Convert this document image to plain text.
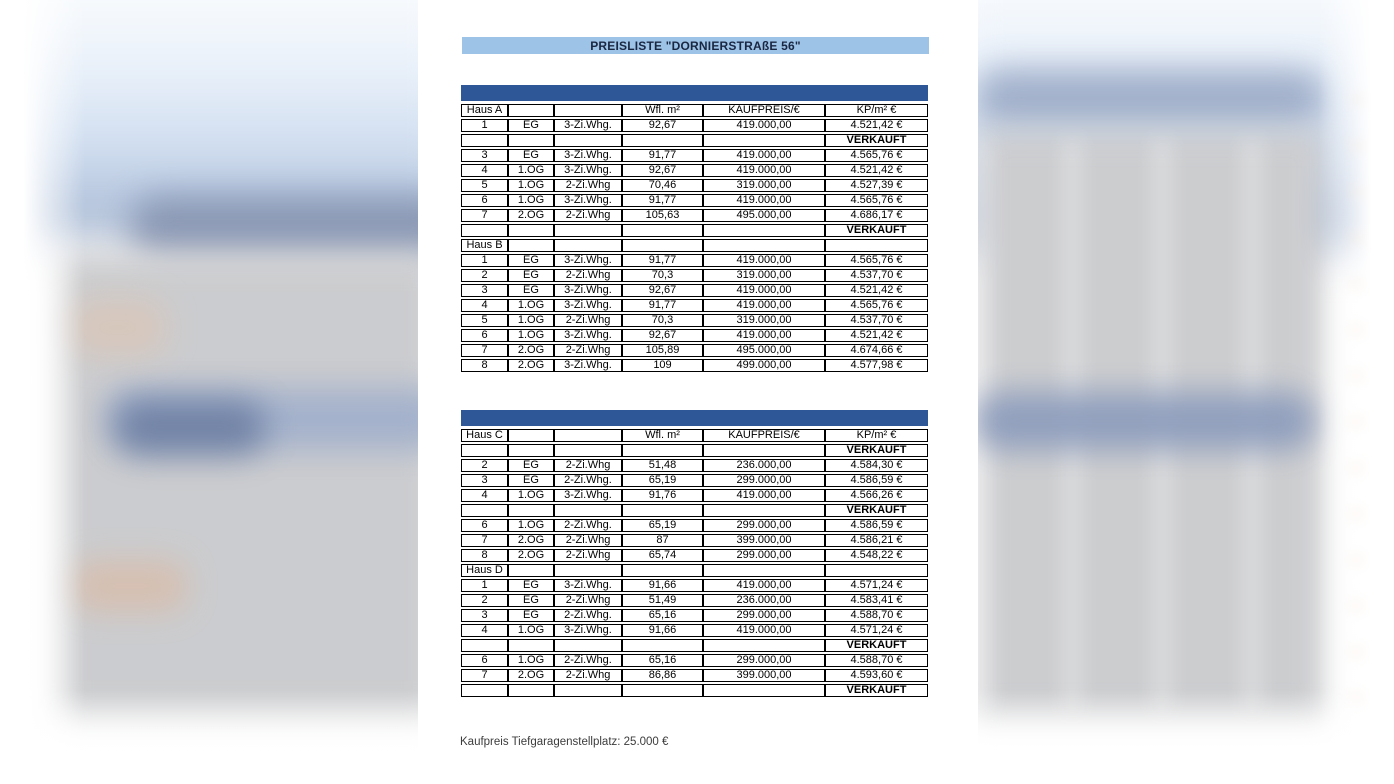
PREISLISTE "DORNIERSTRAßE 56"
Haus A			Wfl. m²	KAUFPREIS/€	KP/m² €
1	EG	3-Zi.Whg.	92,67	419.000,00	4.521,42 €
					VERKAUFT
3	EG	3-Zi.Whg.	91,77	419.000,00	4.565,76 €
4	1.OG	3-Zi.Whg.	92,67	419.000,00	4.521,42 €
5	1.OG	2-Zi.Whg	70,46	319.000,00	4.527,39 €
6	1.OG	3-Zi.Whg.	91,77	419.000,00	4.565,76 €
7	2.OG	2-Zi.Whg	105,63	495.000,00	4.686,17 €
					VERKAUFT
Haus B					
1	EG	3-Zi.Whg.	91,77	419.000,00	4.565,76 €
2	EG	2-Zi.Whg	70,3	319.000,00	4.537,70 €
3	EG	3-Zi.Whg.	92,67	419.000,00	4.521,42 €
4	1.OG	3-Zi.Whg.	91,77	419.000,00	4.565,76 €
5	1.OG	2-Zi.Whg	70,3	319.000,00	4.537,70 €
6	1.OG	3-Zi.Whg.	92,67	419.000,00	4.521,42 €
7	2.OG	2-Zi.Whg	105,89	495.000,00	4.674,66 €
8	2.OG	3-Zi.Whg.	109	499.000,00	4.577,98 €
Haus C			Wfl. m²	KAUFPREIS/€	KP/m² €
					VERKAUFT
2	EG	2-Zi.Whg	51,48	236.000,00	4.584,30 €
3	EG	2-Zi.Whg.	65,19	299.000,00	4.586,59 €
4	1.OG	3-Zi.Whg.	91,76	419.000,00	4.566,26 €
					VERKAUFT
6	1.OG	2-Zi.Whg.	65,19	299.000,00	4.586,59 €
7	2.OG	2-Zi.Whg	87	399.000,00	4.586,21 €
8	2.OG	2-Zi.Whg	65,74	299.000,00	4.548,22 €
Haus D					
1	EG	3-Zi.Whg.	91,66	419.000,00	4.571,24 €
2	EG	2-Zi.Whg	51,49	236.000,00	4.583,41 €
3	EG	2-Zi.Whg.	65,16	299.000,00	4.588,70 €
4	1.OG	3-Zi.Whg.	91,66	419.000,00	4.571,24 €
					VERKAUFT
6	1.OG	2-Zi.Whg.	65,16	299.000,00	4.588,70 €
7	2.OG	2-Zi.Whg	86,86	399.000,00	4.593,60 €
					VERKAUFT
Kaufpreis Tiefgaragenstellplatz: 25.000 €
